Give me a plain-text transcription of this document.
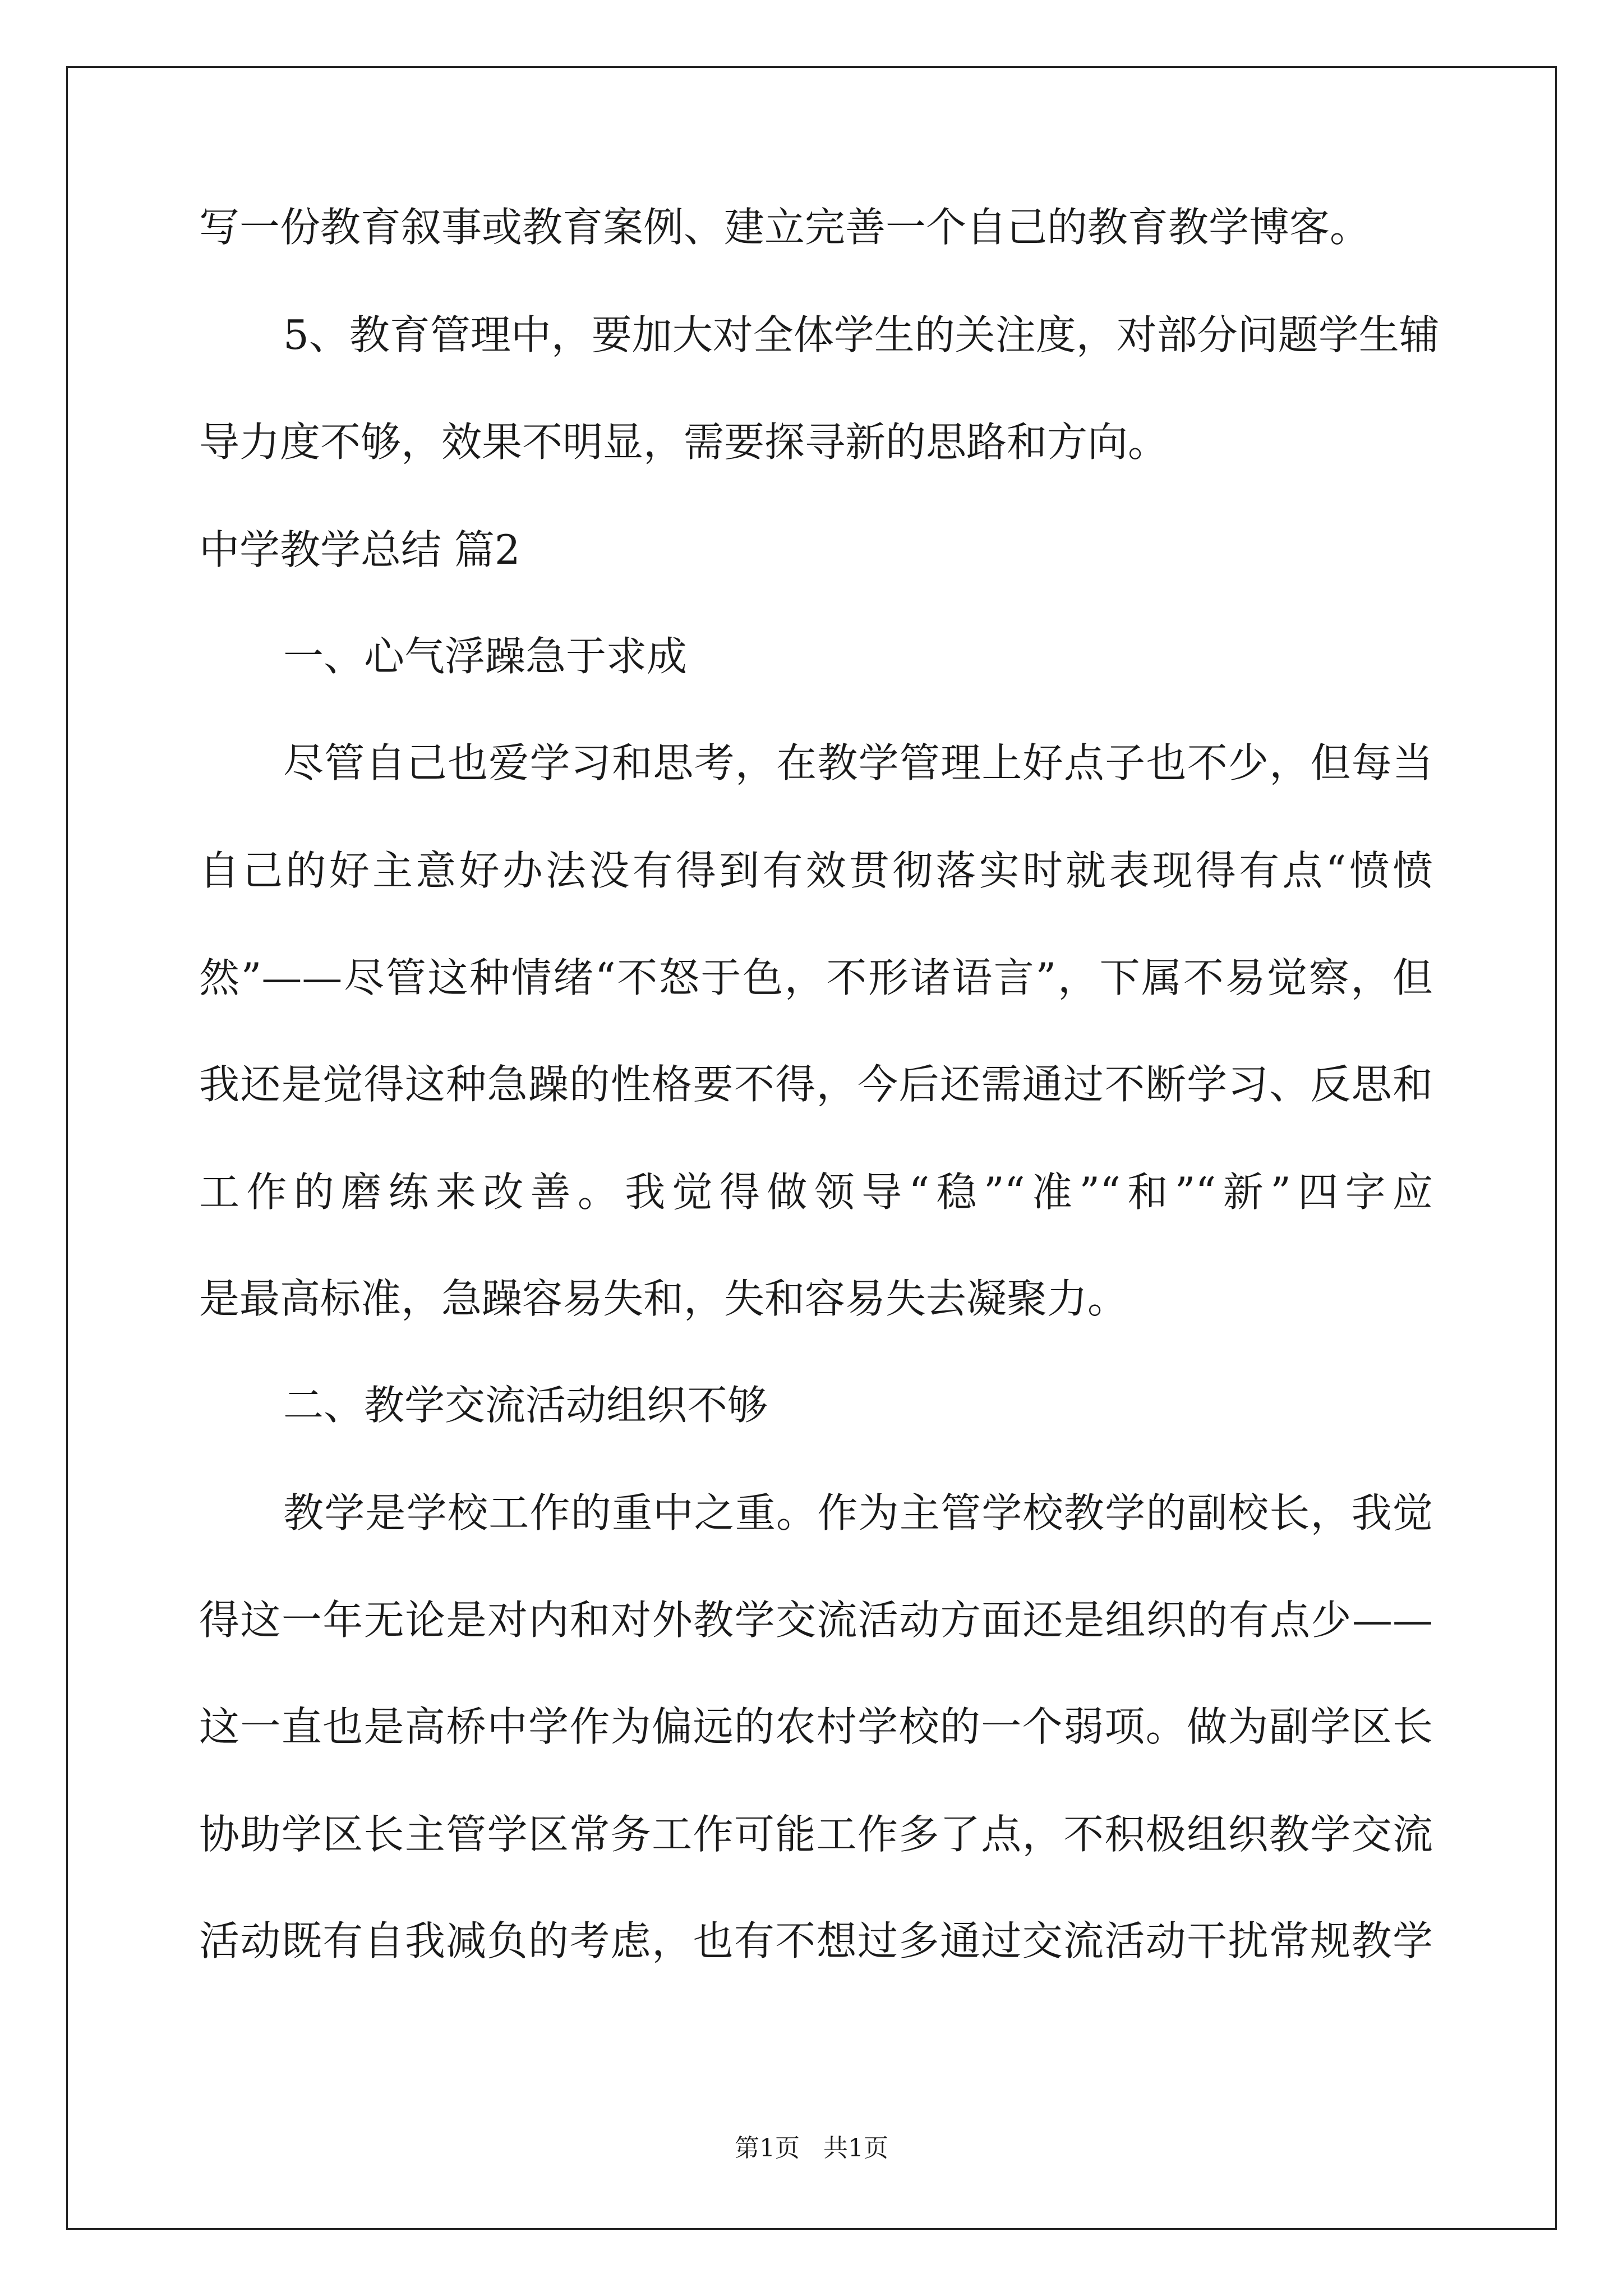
写一份教育叙事或教育案例、建立完善一个自己的教育教学博客。
5、教育管理中，要加大对全体学生的关注度，对部分问题学生辅
导力度不够，效果不明显，需要探寻新的思路和方向。
中学教学总结 篇2
一、心气浮躁急于求成
尽管自己也爱学习和思考，在教学管理上好点子也不少，但每当
自己的好主意好办法没有得到有效贯彻落实时就表现得有点“愤愤
然”——尽管这种情绪“不怒于色，不形诸语言”，下属不易觉察，但
我还是觉得这种急躁的性格要不得，今后还需通过不断学习、反思和
工作的磨练来改善。我觉得做领导“稳”“准”“和”“新”四字应
是最高标准，急躁容易失和，失和容易失去凝聚力。
二、教学交流活动组织不够
教学是学校工作的重中之重。作为主管学校教学的副校长，我觉
得这一年无论是对内和对外教学交流活动方面还是组织的有点少——
这一直也是高桥中学作为偏远的农村学校的一个弱项。做为副学区长
协助学区长主管学区常务工作可能工作多了点，不积极组织教学交流
活动既有自我减负的考虑，也有不想过多通过交流活动干扰常规教学
第1页 共1页
